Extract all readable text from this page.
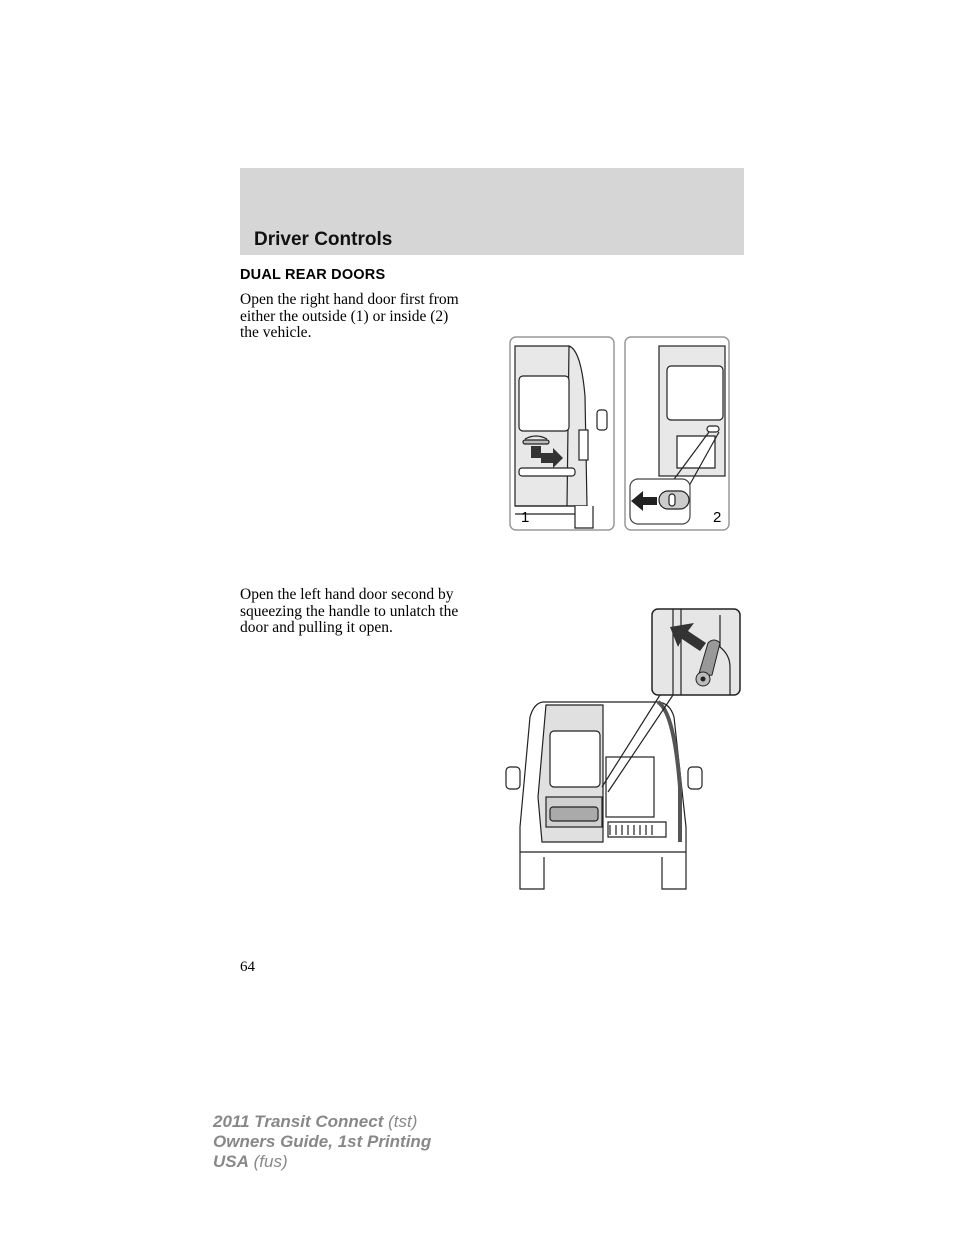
Driver Controls
DUAL REAR DOORS
Open the right hand door first from
either the outside (1) or inside (2)
the vehicle.
Open the left hand door second by
squeezing the handle to unlatch the
door and pulling it open.
1	2
64
2011 Transit Connect (tst)
Owners Guide, 1st Printing
USA (fus)
